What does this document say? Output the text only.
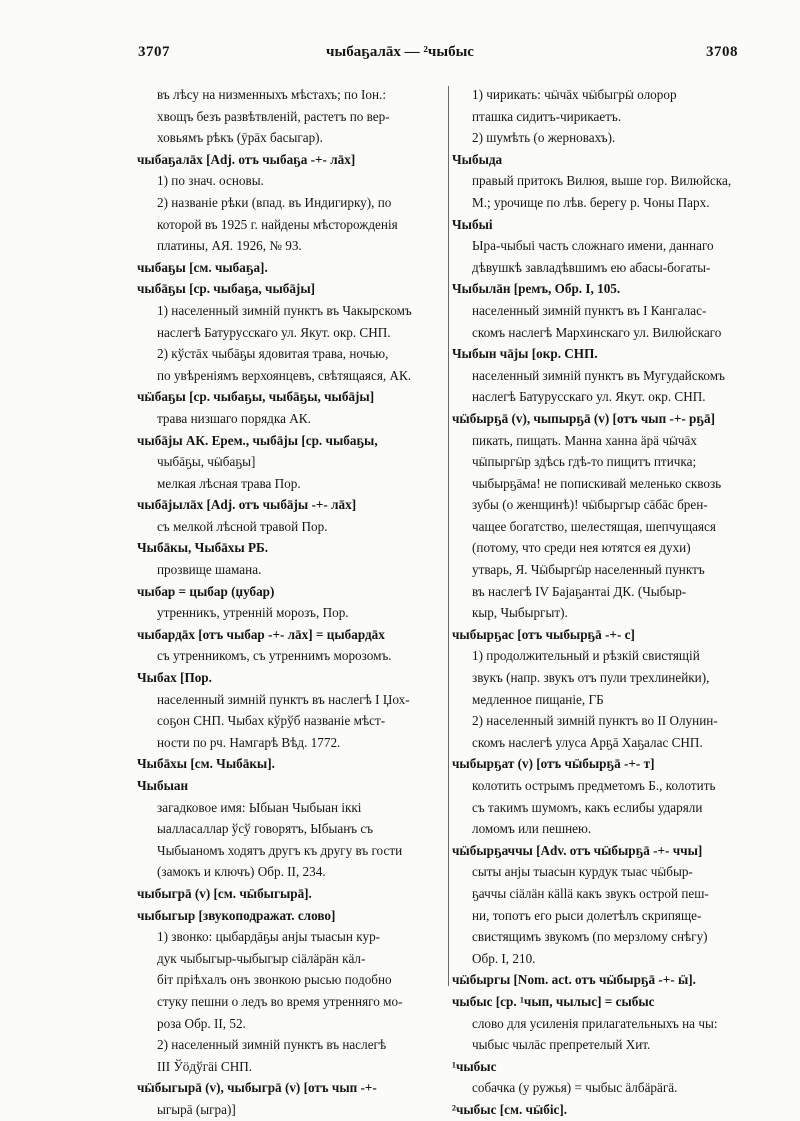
3707	чыбаҕалāх — ²чыбыс	3708
въ лѣсу на низменныхъ мѣстахъ; по Іон.:
хвощъ безъ развѣтвленій, растетъ по вер-
ховьямъ рѣкъ (ӯрāх басыгар).
чыбаҕалāх [Adj. отъ чыбаҕа -+- лāх]
1) по знач. основы.
2) названіе рѣки (впад. въ Индигирку), по
которой въ 1925 г. найдены мѣсторожденія
платины, АЯ. 1926, № 93.
чыбаҕы [см. чыбаҕа].
чыбāҕы [ср. чыбаҕа, чыбāјы]
1) населенный зимній пунктъ въ Чакырскомъ
наслегѣ Батурусскаго ул. Якут. окр. СНП.
2) кўстāх чыбāҕы ядовитая трава, ночью,
по увѣреніямъ верхоянцевъ, свѣтящаяся, АК.
чӹбаҕы [ср. чыбаҕы, чыбāҕы, чыбāјы]
трава низшаго порядка АК.
чыбāјы АК. Ерем., чыбāјы [ср. чыбаҕы,
чыбāҕы, чӹбаҕы]
мелкая лѣсная трава Пор.
чыбāјылāх [Adj. отъ чыбāјы -+- лāх]
съ мелкой лѣсной травой Пор.
Чыбāкы, Чыбāхы РБ.
прозвище шамана.
чыбар = цыбар (џубар)
утренникъ, утренній морозъ, Пор.
чыбардāх [отъ чыбар -+- лāх] = цыбардāх
съ утренникомъ, съ утреннимъ морозомъ.
Чыбах [Пор.
населенный зимній пунктъ въ наслегѣ I Џох-
соҕон СНП. Чыбах кўрўб названіе мѣст-
ности по рч. Намгарѣ Вѣд. 1772.
Чыбāхы [см. Чыбāкы].
Чыбыан
загадковое имя: Ыбыан Чыбыан іккі
ыалласаллар ўсў говорятъ, Ыбыанъ съ
Чыбыаномъ ходятъ другъ къ другу въ гости
(замокъ и ключъ) Обр. II, 234.
чыбыгрā (v) [см. чӹбыгырā].
чыбыгыр [звукоподражат. слово]
1) звонко: цыбардāҕы анјы тыасын кур-
дук чыбыгыр-чыбыгыр сіäлäрäн кäл-
біт пріѣхалъ онъ звонкою рысью подобно
стуку пешни о ледъ во время утренняго мо-
роза Обр. II, 52.
2) населенный зимній пунктъ въ наслегѣ
III Ўöдўгäі СНП.
чӹбыгырā (v), чыбыгрā (v) [отъ чып -+-
ыгырā (ыгра)]
1) чирикать: чӹчāх чӹбыгрӹ олорор
пташка сидитъ-чирикаетъ.
2) шумѣть (о жерновахъ).
Чыбыда
правый притокъ Вилюя, выше гор. Вилюйска,
М.; урочище по лѣв. берегу р. Чоны Парх.
Чыбыі
Ыра-чыбыі часть сложнаго имени, даннаго
дѣвушкѣ завладѣвшимъ ею абасы-богаты-
Чыбылāн [ремъ, Обр. I, 105.
населенный зимній пунктъ въ I Кангалас-
скомъ наслегѣ Мархинскаго ул. Вилюйскаго
Чыбын чāјы [окр. СНП.
населенный зимній пунктъ въ Мугудайскомъ
наслегѣ Батурусскаго ул. Якут. окр. СНП.
чӹбырҕā (v), чыпырҕā (v) [отъ чып -+- рҕā]
пикать, пищать. Манна ханна äрä чӹчāх
чӹпыргӹр здѣсь гдѣ-то пищитъ птичка;
чыбырҕāма! не попискивай меленько сквозь
зубы (о женщинѣ)! чӹбыргыр сāбāс брен-
чащее богатство, шелестящая, шепчущаяся
(потому, что среди нея ютятся ея духи)
утварь, Я. Чӹбыргӹр населенный пунктъ
въ наслегѣ IV Бајаҕантаі ДК. (Чыбыр-
кыр, Чыбыргыт).
чыбырҕас [отъ чыбырҕā -+- с]
1) продолжительный и рѣзкій свистящій
звукъ (напр. звукъ отъ пули трехлинейки),
медленное пищаніе, ГБ
2) населенный зимній пунктъ во II Олунин-
скомъ наслегѣ улуса Арҕā Хаҕалас СНП.
чыбырҕат (v) [отъ чӹбырҕā -+- т]
колотить острымъ предметомъ Б., колотить
съ такимъ шумомъ, какъ еслибы ударяли
ломомъ или пешнею.
чӹбырҕаччы [Adv. отъ чӹбырҕā -+- ччы]
сыты анјы тыасын курдук тыас чӹбыр-
ҕаччы сіäлäн кällä какъ звукъ острой пеш-
ни, топотъ его рыси долетѣлъ скрипяще-
свистящимъ звукомъ (по мерзлому снѣгу)
Обр. I, 210.
чӹбыргы [Nom. act. отъ чӹбырҕā -+- ӹ].
чыбыс [ср. ¹чып, чылыс] = сыбыс
слово для усиленія прилагательныхъ на чы:
чыбыс чылāс препретелый Хит.
¹чыбыс
собачка (у ружья) = чыбыс äлбäрäгä.
²чыбыс [см. чӹбіс].
